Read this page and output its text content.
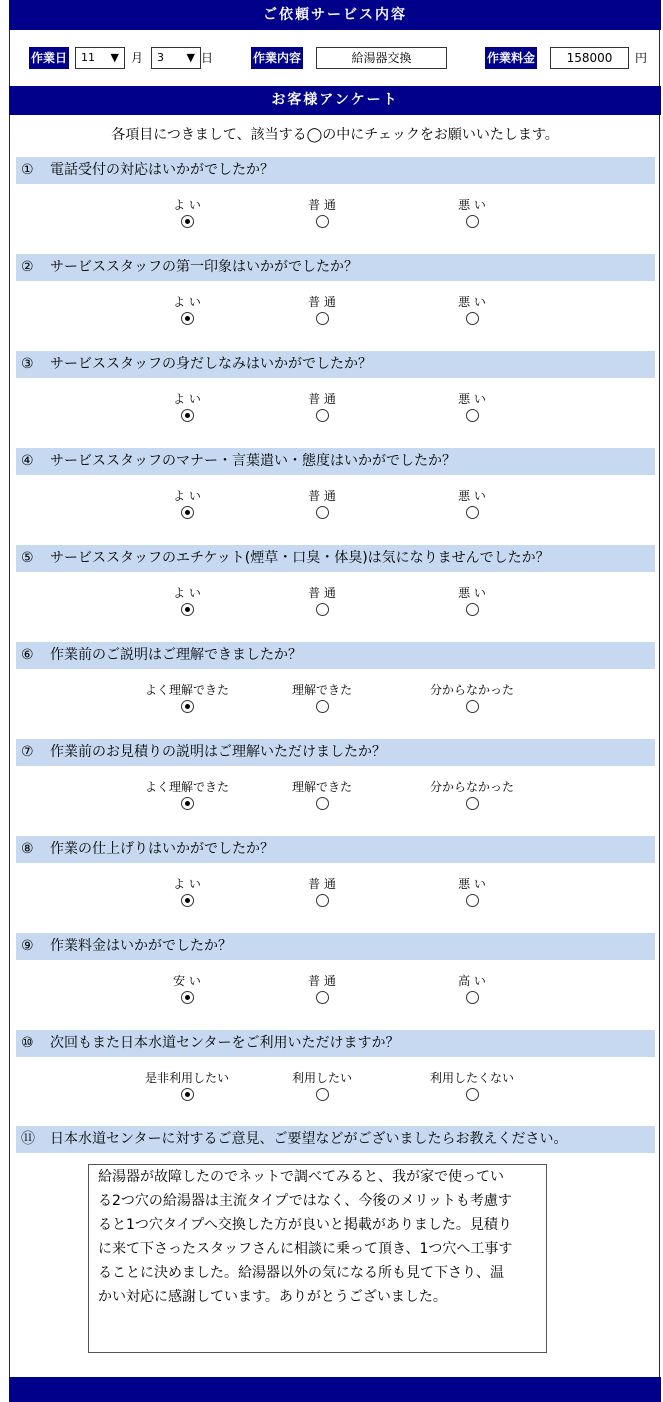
ご依頼サービス内容
作業日	11 ▼ 月	3 ▼ 日	作業内容	給湯器交換	作業料金	158000	円
お客様アンケート
各項目につきまして、該当する◯の中にチェックをお願いいたします。
① 電話受付の対応はいかがでしたか？
よ い	普 通	悪 い
② サービススタッフの第一印象はいかがでしたか？
よ い	普 通	悪 い
③ サービススタッフの身だしなみはいかがでしたか？
よ い	普 通	悪 い
④ サービススタッフのマナー・言葉遣い・態度はいかがでしたか？
よ い	普 通	悪 い
⑤ サービススタッフのエチケット(煙草・口臭・体臭)は気になりませんでしたか？
よ い	普 通	悪 い
⑥ 作業前のご説明はご理解できましたか？
よく理解できた	理解できた	分からなかった
⑦ 作業前のお見積りの説明はご理解いただけましたか？
よく理解できた	理解できた	分からなかった
⑧ 作業の仕上げりはいかがでしたか？
よ い	普 通	悪 い
⑨ 作業料金はいかがでしたか？
安 い	普 通	高 い
⑩ 次回もまた日本水道センターをご利用いただけますか？
是非利用したい	利用したい	利用したくない
⑪ 日本水道センターに対するご意見、ご要望などがございましたらお教えください。
給湯器が故障したのでネットで調べてみると、我が家で使ってい
る2つ穴の給湯器は主流タイプではなく、今後のメリットも考慮す
ると1つ穴タイプへ交換した方が良いと掲載がありました。見積り
に来て下さったスタッフさんに相談に乗って頂き、1つ穴へ工事す
ることに決めました。給湯器以外の気になる所も見て下さり、温
かい対応に感謝しています。ありがとうございました。
